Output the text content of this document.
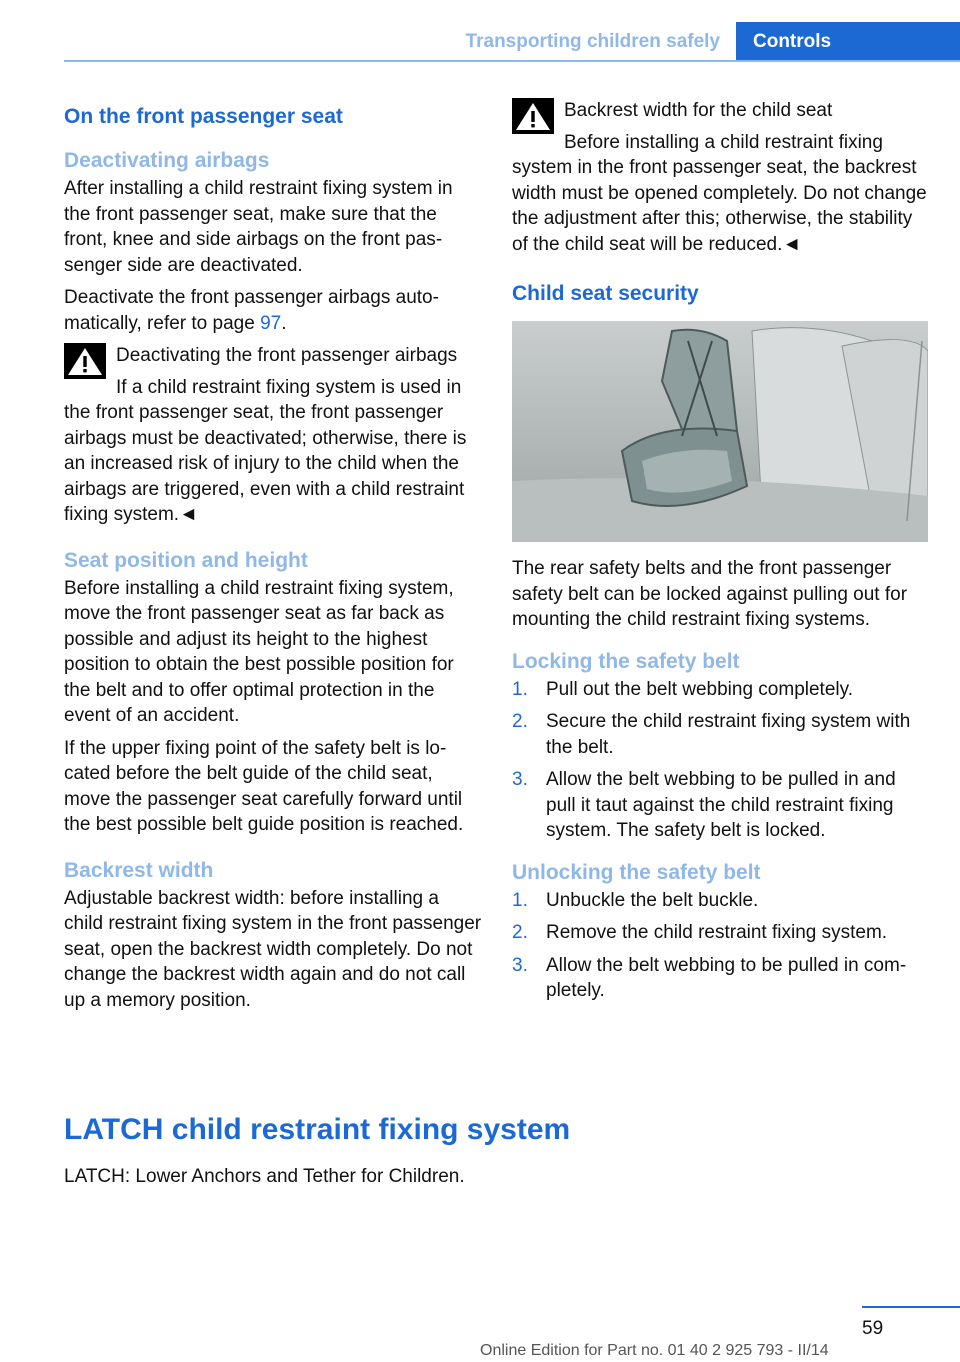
Transporting children safely	Controls
On the front passenger seat
Deactivating airbags

After installing a child restraint fixing system in the front passenger seat, make sure that the front, knee and side airbags on the front passenger side are deactivated.

Deactivate the front passenger airbags automatically, refer to page 97.

Deactivating the front passenger airbags
If a child restraint fixing system is used in the front passenger seat, the front passenger airbags must be deactivated; otherwise, there is an increased risk of injury to the child when the airbags are triggered, even with a child restraint fixing system.◄
Seat position and height

Before installing a child restraint fixing system, move the front passenger seat as far back as possible and adjust its height to the highest position to obtain the best possible position for the belt and to offer optimal protection in the event of an accident.

If the upper fixing point of the safety belt is located before the belt guide of the child seat, move the passenger seat carefully forward until the best possible belt guide position is reached.

Backrest width

Adjustable backrest width: before installing a child restraint fixing system in the front passenger seat, open the backrest width completely. Do not change the backrest width again and do not call up a memory position.

Backrest width for the child seat
Before installing a child restraint fixing system in the front passenger seat, the backrest width must be opened completely. Do not change the adjustment after this; otherwise, the stability of the child seat will be reduced.◄
Child seat security

The rear safety belts and the front passenger safety belt can be locked against pulling out for mounting the child restraint fixing systems.

Locking the safety belt
1. Pull out the belt webbing completely.
2. Secure the child restraint fixing system with the belt.
3. Allow the belt webbing to be pulled in and pull it taut against the child restraint fixing system. The safety belt is locked.
Unlocking the safety belt
1. Unbuckle the belt buckle.
2. Remove the child restraint fixing system.
3. Allow the belt webbing to be pulled in completely.
LATCH child restraint fixing system

LATCH: Lower Anchors and Tether for Children.

59
Online Edition for Part no. 01 40 2 925 793 - II/14
